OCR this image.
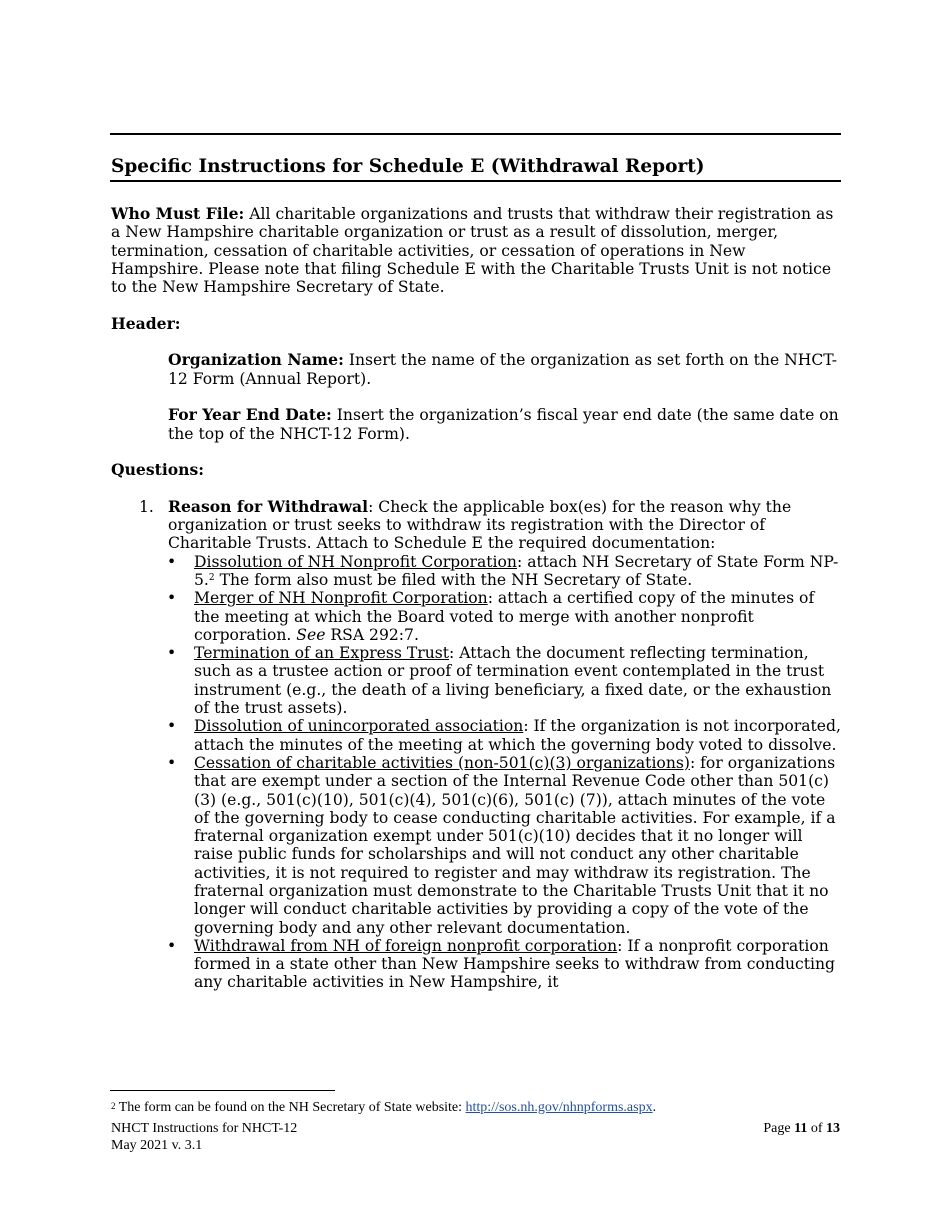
Specific Instructions for Schedule E (Withdrawal Report)

Who Must File: All charitable organizations and trusts that withdraw their registration as a New Hampshire charitable organization or trust as a result of dissolution, merger, termination, cessation of charitable activities, or cessation of operations in New Hampshire. Please note that filing Schedule E with the Charitable Trusts Unit is not notice to the New Hampshire Secretary of State.

Header:

Organization Name: Insert the name of the organization as set forth on the NHCT-12 Form (Annual Report).

For Year End Date: Insert the organization’s fiscal year end date (the same date on the top of the NHCT-12 Form).

Questions:

1. Reason for Withdrawal: Check the applicable box(es) for the reason why the organization or trust seeks to withdraw its registration with the Director of Charitable Trusts. Attach to Schedule E the required documentation:
• Dissolution of NH Nonprofit Corporation: attach NH Secretary of State Form NP-5.$^2$ The form also must be filed with the NH Secretary of State.
• Merger of NH Nonprofit Corporation: attach a certified copy of the minutes of the meeting at which the Board voted to merge with another nonprofit corporation. See RSA 292:7.
• Termination of an Express Trust: Attach the document reflecting termination, such as a trustee action or proof of termination event contemplated in the trust instrument (e.g., the death of a living beneficiary, a fixed date, or the exhaustion of the trust assets).
• Dissolution of unincorporated association: If the organization is not incorporated, attach the minutes of the meeting at which the governing body voted to dissolve.
• Cessation of charitable activities (non-501(c)(3) organizations): for organizations that are exempt under a section of the Internal Revenue Code other than 501(c)(3) (e.g., 501(c)(10), 501(c)(4), 501(c)(6), 501(c) (7)), attach minutes of the vote of the governing body to cease conducting charitable activities. For example, if a fraternal organization exempt under 501(c)(10) decides that it no longer will raise public funds for scholarships and will not conduct any other charitable activities, it is not required to register and may withdraw its registration. The fraternal organization must demonstrate to the Charitable Trusts Unit that it no longer will conduct charitable activities by providing a copy of the vote of the governing body and any other relevant documentation.
• Withdrawal from NH of foreign nonprofit corporation: If a nonprofit corporation formed in a state other than New Hampshire seeks to withdraw from conducting any charitable activities in New Hampshire, it
$^2$ The form can be found on the NH Secretary of State website: http://sos.nh.gov/nhnpforms.aspx.
NHCT Instructions for NHCT-12
May 2021 v. 3.1
Page 11 of 13
